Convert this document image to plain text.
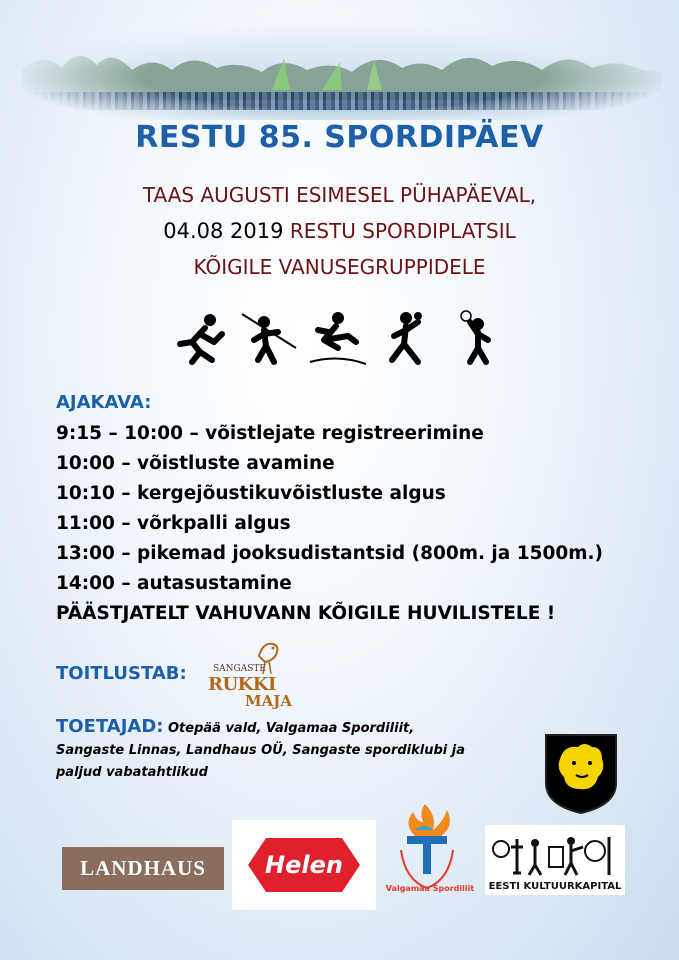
RESTU 85. SPORDIPÄEV
TAAS AUGUSTI ESIMESEL PÜHAPÄEVAL,
04.08 2019 RESTU SPORDIPLATSIL
KÕIGILE VANUSEGRUPPIDELE
AJAKAVA:
9:15 – 10:00 – võistlejate registreerimine
10:00 – võistluste avamine
10:10 – kergejõustikuvõistluste algus
11:00 – võrkpalli algus
13:00 – pikemad jooksudistantsid (800m. ja 1500m.)
14:00 – autasustamine
PÄÄSTJATELT VAHUVANN KÕIGILE HUVILISTELE !
TOITLUSTAB:	SANGASTE
RUKKI
MAJA
TOETAJAD: Otepää vald, Valgamaa Spordiliit,
Sangaste Linnas, Landhaus OÜ, Sangaste spordiklubi ja
paljud vabatahtlikud
LANDHAUS	Helen
Valgamaa Spordiliit	EESTI KULTUURKAPITAL
